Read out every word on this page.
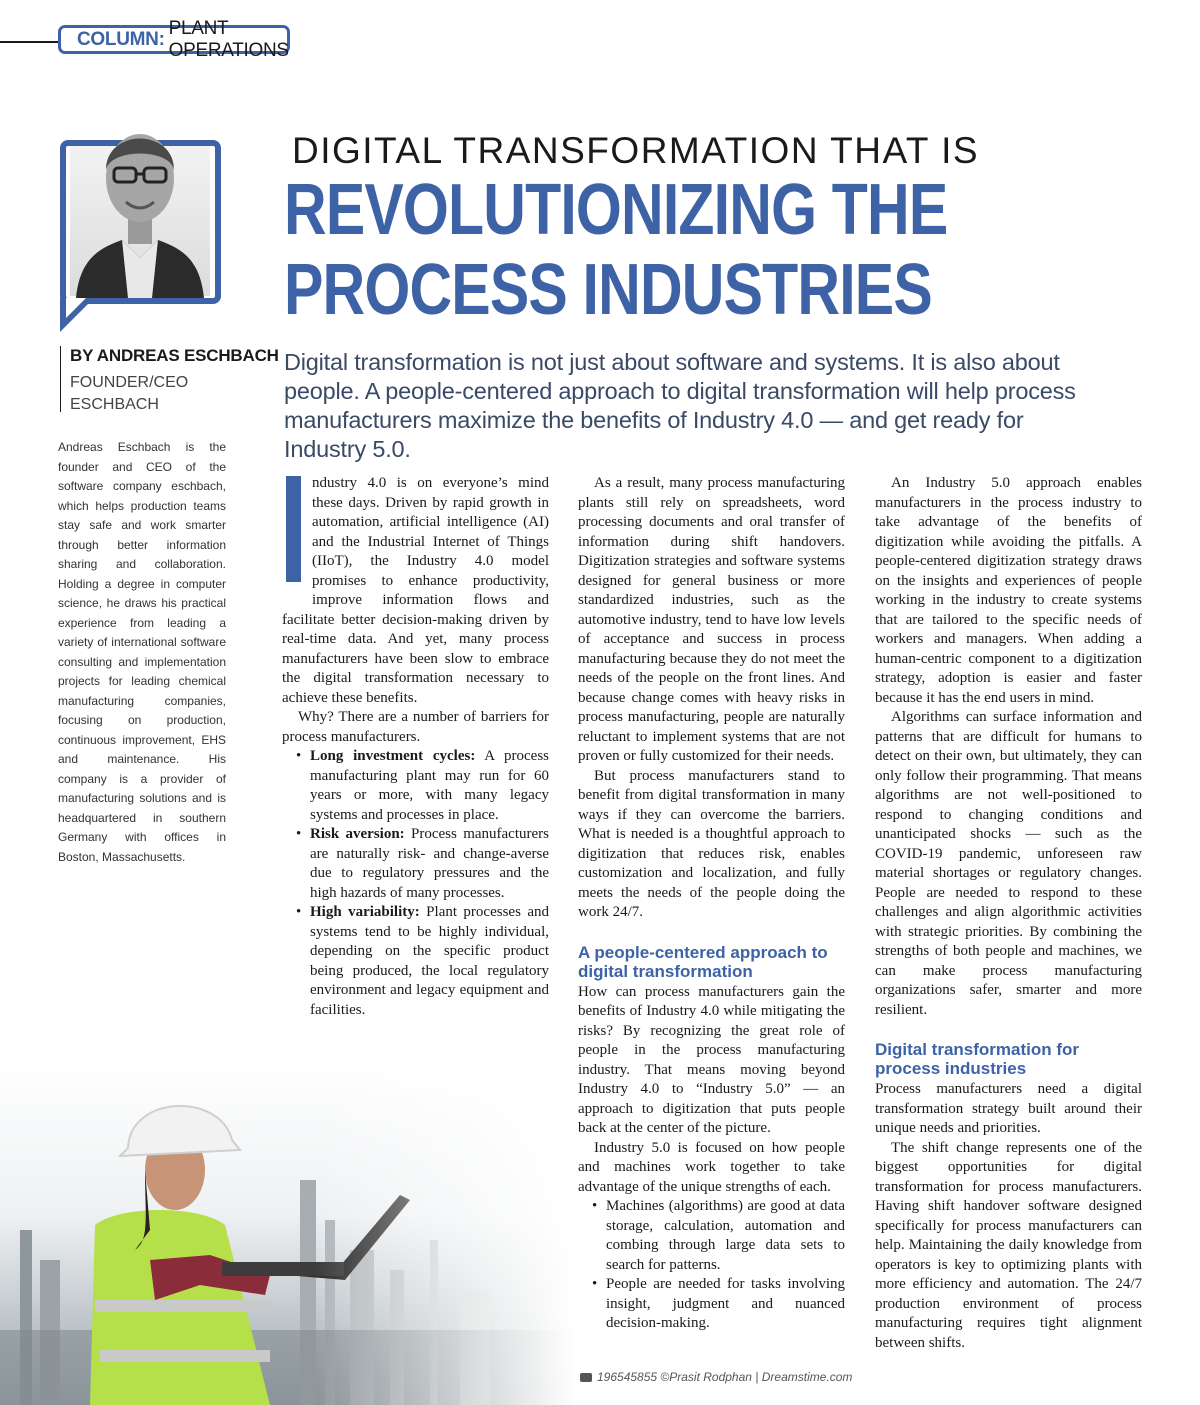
COLUMN:
PLANT OPERATIONS
BY ANDREAS ESCHBACH
FOUNDER/CEO
ESCHBACH
Andreas Eschbach is the founder and CEO of the software company eschbach, which helps production teams stay safe and work smarter through better information sharing and collaboration. Holding a degree in computer science, he draws his practical experience from leading a variety of international software consulting and implementation projects for leading chemical manufacturing companies, focusing on production, continuous improvement, EHS and maintenance. His company is a provider of manufacturing solutions and is headquartered in southern Germany with offices in Boston, Massachusetts.
DIGITAL TRANSFORMATION THAT IS
REVOLUTIONIZING THE
PROCESS INDUSTRIES
Digital transformation is not just about software and systems. It is also about people. A people-centered approach to digital transformation will help process manufacturers maximize the benefits of Industry 4.0 — and get ready for Industry 5.0.

ndustry 4.0 is on everyone’s mind these days. Driven by rapid growth in automation, artificial intelligence (AI) and the Industrial Internet of Things (IIoT), the Industry 4.0 model promises to enhance productivity, improve information flows and facilitate better decision-making driven by real-time data. And yet, many process manufacturers have been slow to embrace the digital transformation necessary to achieve these benefits.

Why? There are a number of barriers for process manufacturers.

• Long investment cycles: A process manufacturing plant may run for 60 years or more, with many legacy systems and processes in place.
• Risk aversion: Process manufacturers are naturally risk- and change-averse due to regulatory pressures and the high hazards of many processes.
• High variability: Plant processes and systems tend to be highly individual, depending on the specific product being produced, the local regulatory environment and legacy equipment and facilities.

As a result, many process manufacturing plants still rely on spreadsheets, word processing documents and oral transfer of information during shift handovers. Digitization strategies and software systems designed for general business or more standardized industries, such as the automotive industry, tend to have low levels of acceptance and success in process manufacturing because they do not meet the needs of the people on the front lines. And because change comes with heavy risks in process manufacturing, people are naturally reluctant to implement systems that are not proven or fully customized for their needs.

But process manufacturers stand to benefit from digital transformation in many ways if they can overcome the barriers. What is needed is a thoughtful approach to digitization that reduces risk, enables customization and localization, and fully meets the needs of the people doing the work 24/7.

A people-centered approach to digital transformation

How can process manufacturers gain the benefits of Industry 4.0 while mitigating the risks? By recognizing the great role of people in the process manufacturing industry. That means moving beyond Industry 4.0 to “Industry 5.0” — an approach to digitization that puts people back at the center of the picture.

Industry 5.0 is focused on how people and machines work together to take advantage of the unique strengths of each.

• Machines (algorithms) are good at data storage, calculation, automation and combing through large data sets to search for patterns.
• People are needed for tasks involving insight, judgment and nuanced decision-making.

An Industry 5.0 approach enables manufacturers in the process industry to take advantage of the benefits of digitization while avoiding the pitfalls. A people-centered digitization strategy draws on the insights and experiences of people working in the industry to create systems that are tailored to the specific needs of workers and managers. When adding a human-centric component to a digitization strategy, adoption is easier and faster because it has the end users in mind.

Algorithms can surface information and patterns that are difficult for humans to detect on their own, but ultimately, they can only follow their programming. That means algorithms are not well-positioned to respond to changing conditions and unanticipated shocks — such as the COVID-19 pandemic, unforeseen raw material shortages or regulatory changes. People are needed to respond to these challenges and align algorithmic activities with strategic priorities. By combining the strengths of both people and machines, we can make process manufacturing organizations safer, smarter and more resilient.

Digital transformation for process industries

Process manufacturers need a digital transformation strategy built around their unique needs and priorities.

The shift change represents one of the biggest opportunities for digital transformation for process manufacturers. Having shift handover software designed specifically for process manufacturers can help. Maintaining the daily knowledge from operators is key to optimizing plants with more efficiency and automation. The 24/7 production environment of process manufacturing requires tight alignment between shifts.

196545855 ©Prasit Rodphan | Dreamstime.com
